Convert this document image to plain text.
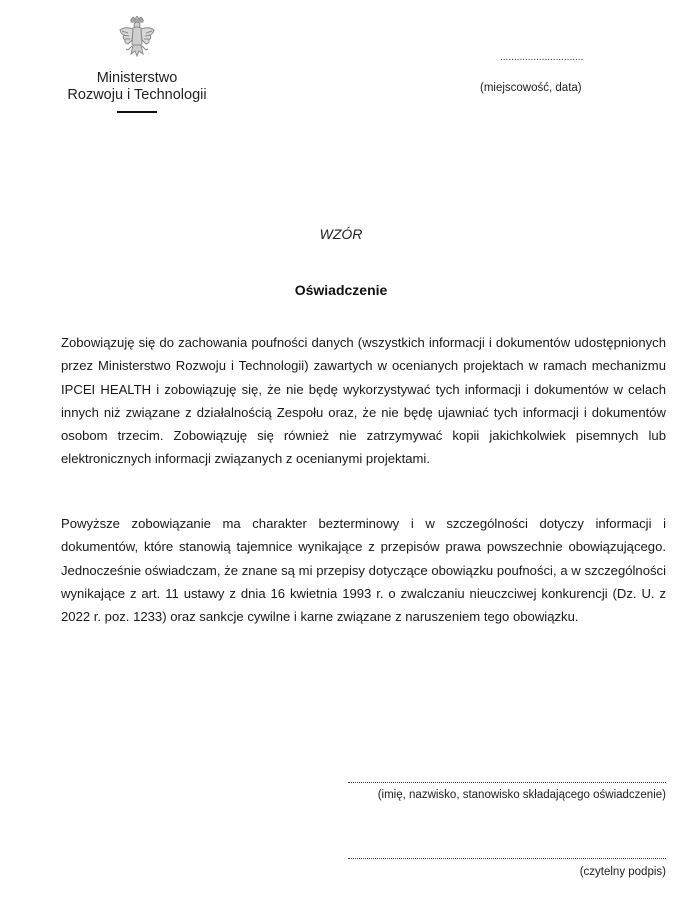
Ministerstwo
Rozwoju i Technologii
..............................
(miejscowość, data)
WZÓR
Oświadczenie
Zobowiązuję się do zachowania poufności danych (wszystkich informacji i dokumentów udostępnionych przez Ministerstwo Rozwoju i Technologii) zawartych w ocenianych projektach w ramach mechanizmu IPCEI HEALTH i zobowiązuję się, że nie będę wykorzystywać tych informacji i dokumentów w celach innych niż związane z działalnością Zespołu oraz, że nie będę ujawniać tych informacji i dokumentów osobom trzecim. Zobowiązuję się również nie zatrzymywać kopii jakichkolwiek pisemnych lub elektronicznych informacji związanych z ocenianymi projektami.
Powyższe zobowiązanie ma charakter bezterminowy i w szczególności dotyczy informacji i dokumentów, które stanowią tajemnice wynikające z przepisów prawa powszechnie obowiązującego. Jednocześnie oświadczam, że znane są mi przepisy dotyczące obowiązku poufności, a w szczególności wynikające z art. 11 ustawy z dnia 16 kwietnia 1993 r. o zwalczaniu nieuczciwej konkurencji (Dz. U. z 2022 r. poz. 1233) oraz sankcje cywilne i karne związane z naruszeniem tego obowiązku.
(imię, nazwisko, stanowisko składającego oświadczenie)
(czytelny podpis)
